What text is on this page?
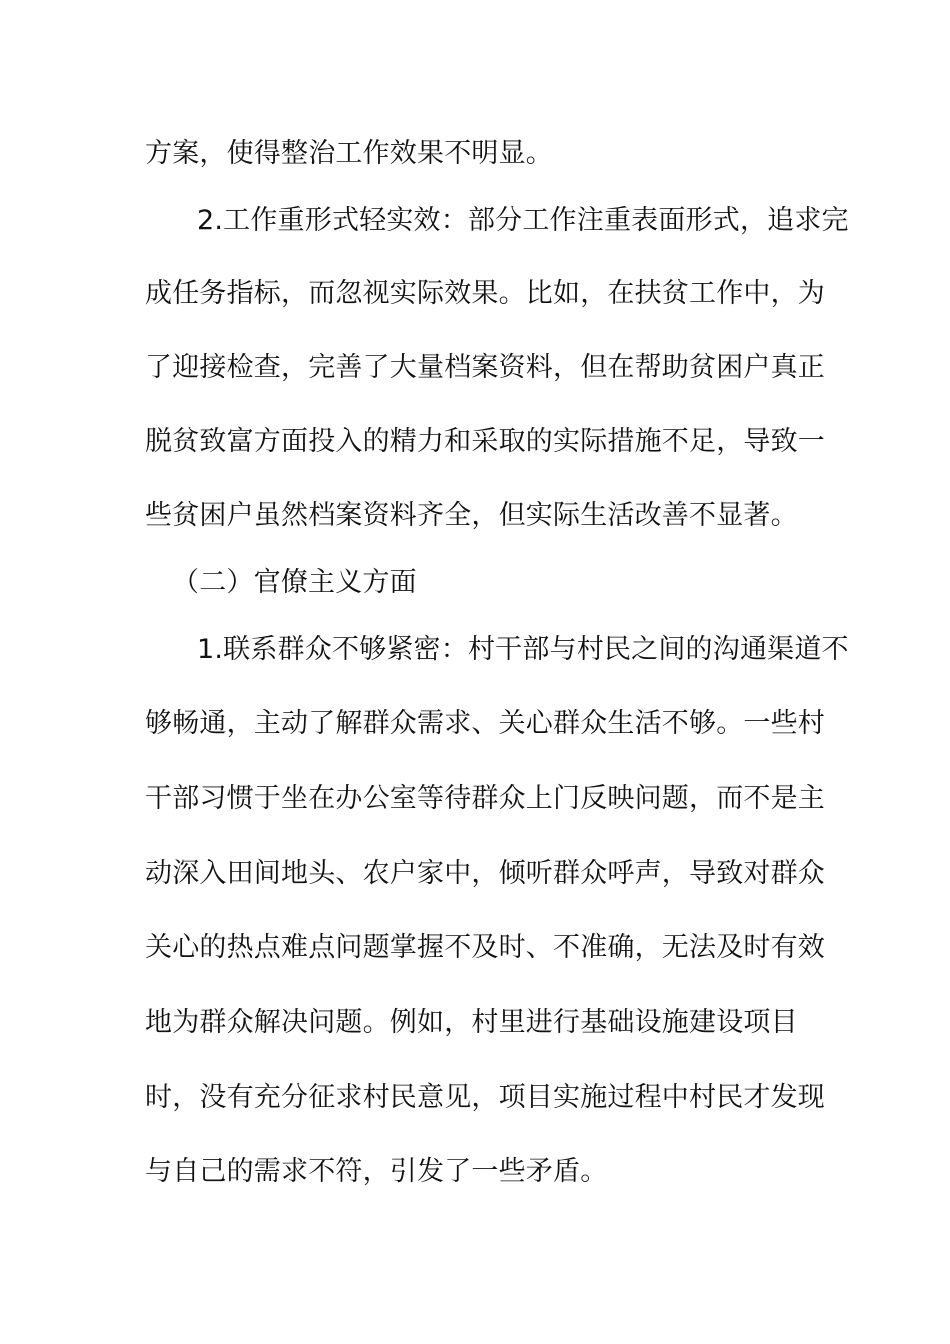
方案，使得整治工作效果不明显。
2.工作重形式轻实效：部分工作注重表面形式，追求完
成任务指标，而忽视实际效果。比如，在扶贫工作中，为
了迎接检查，完善了大量档案资料，但在帮助贫困户真正
脱贫致富方面投入的精力和采取的实际措施不足，导致一
些贫困户虽然档案资料齐全，但实际生活改善不显著。
（二）官僚主义方面
1.联系群众不够紧密：村干部与村民之间的沟通渠道不
够畅通，主动了解群众需求、关心群众生活不够。一些村
干部习惯于坐在办公室等待群众上门反映问题，而不是主
动深入田间地头、农户家中，倾听群众呼声，导致对群众
关心的热点难点问题掌握不及时、不准确，无法及时有效
地为群众解决问题。例如，村里进行基础设施建设项目
时，没有充分征求村民意见，项目实施过程中村民才发现
与自己的需求不符，引发了一些矛盾。
